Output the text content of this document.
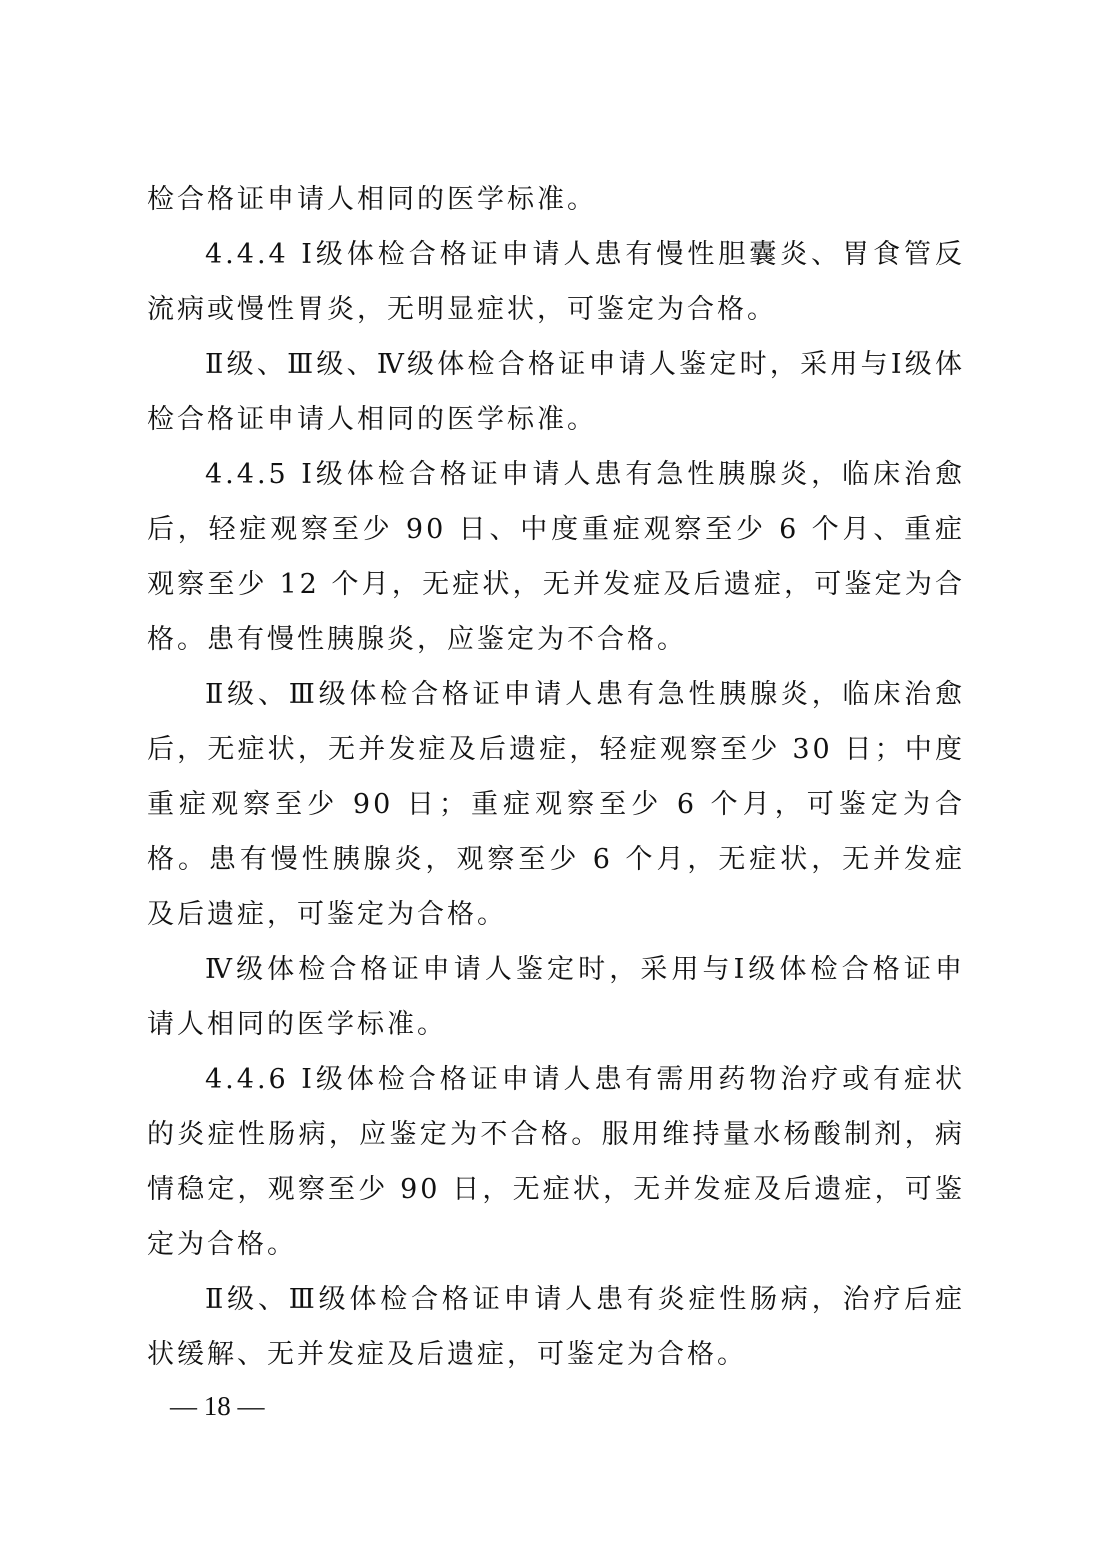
检合格证申请人相同的医学标准。

4.4.4 Ⅰ级体检合格证申请人患有慢性胆囊炎、胃食管反流病或慢性胃炎，无明显症状，可鉴定为合格。

Ⅱ级、Ⅲ级、Ⅳ级体检合格证申请人鉴定时，采用与Ⅰ级体检合格证申请人相同的医学标准。

4.4.5 Ⅰ级体检合格证申请人患有急性胰腺炎，临床治愈后，轻症观察至少 90 日、中度重症观察至少 6 个月、重症观察至少 12 个月，无症状，无并发症及后遗症，可鉴定为合格。患有慢性胰腺炎，应鉴定为不合格。

Ⅱ级、Ⅲ级体检合格证申请人患有急性胰腺炎，临床治愈后，无症状，无并发症及后遗症，轻症观察至少 30 日；中度重症观察至少 90 日；重症观察至少 6 个月，可鉴定为合格。患有慢性胰腺炎，观察至少 6 个月，无症状，无并发症及后遗症，可鉴定为合格。

Ⅳ级体检合格证申请人鉴定时，采用与Ⅰ级体检合格证申请人相同的医学标准。

4.4.6 Ⅰ级体检合格证申请人患有需用药物治疗或有症状的炎症性肠病，应鉴定为不合格。服用维持量水杨酸制剂，病情稳定，观察至少 90 日，无症状，无并发症及后遗症，可鉴定为合格。

Ⅱ级、Ⅲ级体检合格证申请人患有炎症性肠病，治疗后症状缓解、无并发症及后遗症，可鉴定为合格。

— 18 —
